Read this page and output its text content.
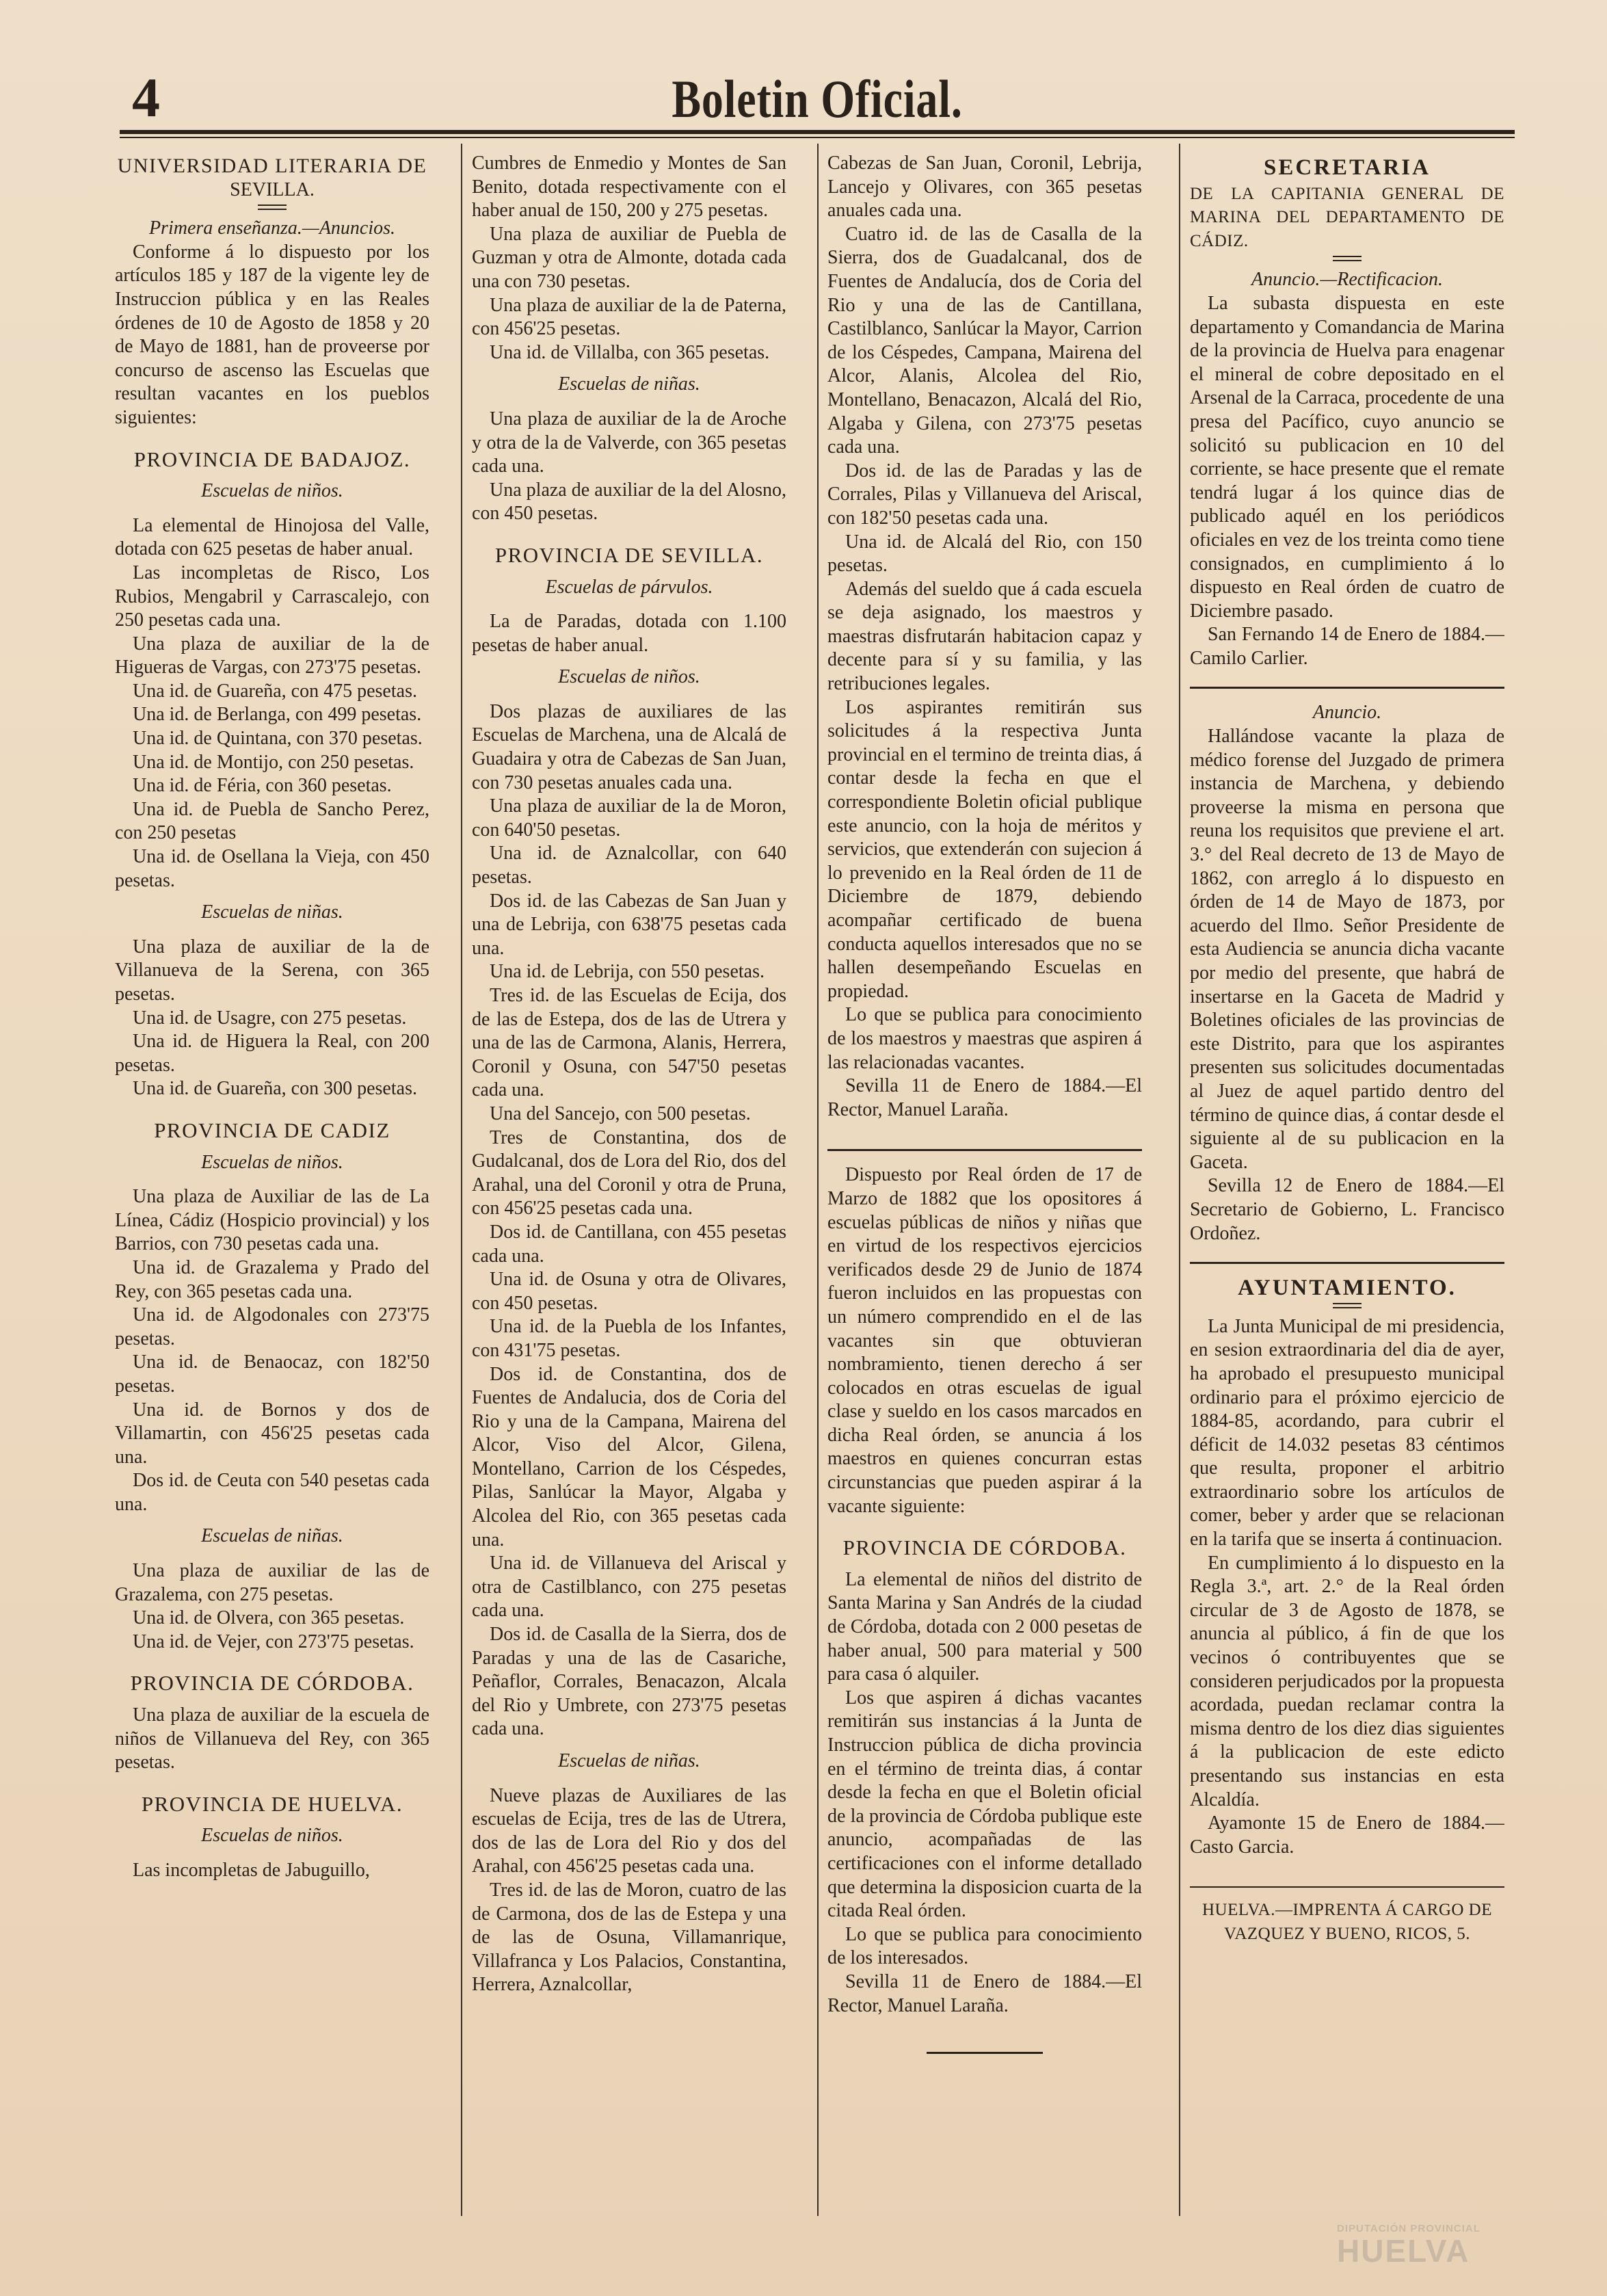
4	Boletin Oficial.
UNIVERSIDAD LITERARIA DE
SEVILLA.

Primera enseñanza.—Anuncios.

Conforme á lo dispuesto por los artículos 185 y 187 de la vigente ley de Instruccion pública y en las Reales órdenes de 10 de Agosto de 1858 y 20 de Mayo de 1881, han de proveerse por concurso de ascenso las Escuelas que resultan vacantes en los pueblos siguientes:

PROVINCIA DE BADAJOZ.
Escuelas de niños.

La elemental de Hinojosa del Valle, dotada con 625 pesetas de haber anual.

Las incompletas de Risco, Los Rubios, Mengabril y Carrascalejo, con 250 pesetas cada una.

Una plaza de auxiliar de la de Higueras de Vargas, con 273'75 pesetas.

Una id. de Guareña, con 475 pesetas.

Una id. de Berlanga, con 499 pesetas.

Una id. de Quintana, con 370 pesetas.

Una id. de Montijo, con 250 pesetas.

Una id. de Féria, con 360 pesetas.

Una id. de Puebla de Sancho Perez, con 250 pesetas

Una id. de Osellana la Vieja, con 450 pesetas.

Escuelas de niñas.

Una plaza de auxiliar de la de Villanueva de la Serena, con 365 pesetas.

Una id. de Usagre, con 275 pesetas.

Una id. de Higuera la Real, con 200 pesetas.

Una id. de Guareña, con 300 pesetas.

PROVINCIA DE CADIZ
Escuelas de niños.

Una plaza de Auxiliar de las de La Línea, Cádiz (Hospicio provincial) y los Barrios, con 730 pesetas cada una.

Una id. de Grazalema y Prado del Rey, con 365 pesetas cada una.

Una id. de Algodonales con 273'75 pesetas.

Una id. de Benaocaz, con 182'50 pesetas.

Una id. de Bornos y dos de Villamartin, con 456'25 pesetas cada una.

Dos id. de Ceuta con 540 pesetas cada una.

Escuelas de niñas.

Una plaza de auxiliar de las de Grazalema, con 275 pesetas.

Una id. de Olvera, con 365 pesetas.

Una id. de Vejer, con 273'75 pesetas.

PROVINCIA DE CÓRDOBA.

Una plaza de auxiliar de la escuela de niños de Villanueva del Rey, con 365 pesetas.

PROVINCIA DE HUELVA.
Escuelas de niños.

Las incompletas de Jabuguillo,

Cumbres de Enmedio y Montes de San Benito, dotada respectivamente con el haber anual de 150, 200 y 275 pesetas.

Una plaza de auxiliar de Puebla de Guzman y otra de Almonte, dotada cada una con 730 pesetas.

Una plaza de auxiliar de la de Paterna, con 456'25 pesetas.

Una id. de Villalba, con 365 pesetas.

Escuelas de niñas.

Una plaza de auxiliar de la de Aroche y otra de la de Valverde, con 365 pesetas cada una.

Una plaza de auxiliar de la del Alosno, con 450 pesetas.

PROVINCIA DE SEVILLA.
Escuelas de párvulos.

La de Paradas, dotada con 1.100 pesetas de haber anual.

Escuelas de niños.

Dos plazas de auxiliares de las Escuelas de Marchena, una de Alcalá de Guadaira y otra de Cabezas de San Juan, con 730 pesetas anuales cada una.

Una plaza de auxiliar de la de Moron, con 640'50 pesetas.

Una id. de Aznalcollar, con 640 pesetas.

Dos id. de las Cabezas de San Juan y una de Lebrija, con 638'75 pesetas cada una.

Una id. de Lebrija, con 550 pesetas.

Tres id. de las Escuelas de Ecija, dos de las de Estepa, dos de las de Utrera y una de las de Carmona, Alanis, Herrera, Coronil y Osuna, con 547'50 pesetas cada una.

Una del Sancejo, con 500 pesetas.

Tres de Constantina, dos de Gudalcanal, dos de Lora del Rio, dos del Arahal, una del Coronil y otra de Pruna, con 456'25 pesetas cada una.

Dos id. de Cantillana, con 455 pesetas cada una.

Una id. de Osuna y otra de Olivares, con 450 pesetas.

Una id. de la Puebla de los Infantes, con 431'75 pesetas.

Dos id. de Constantina, dos de Fuentes de Andalucia, dos de Coria del Rio y una de la Campana, Mairena del Alcor, Viso del Alcor, Gilena, Montellano, Carrion de los Céspedes, Pilas, Sanlúcar la Mayor, Algaba y Alcolea del Rio, con 365 pesetas cada una.

Una id. de Villanueva del Ariscal y otra de Castilblanco, con 275 pesetas cada una.

Dos id. de Casalla de la Sierra, dos de Paradas y una de las de Casariche, Peñaflor, Corrales, Benacazon, Alcala del Rio y Umbrete, con 273'75 pesetas cada una.

Escuelas de niñas.

Nueve plazas de Auxiliares de las escuelas de Ecija, tres de las de Utrera, dos de las de Lora del Rio y dos del Arahal, con 456'25 pesetas cada una.

Tres id. de las de Moron, cuatro de las de Carmona, dos de las de Estepa y una de las de Osuna, Villamanrique, Villafranca y Los Palacios, Constantina, Herrera, Aznalcollar,

Cabezas de San Juan, Coronil, Lebrija, Lancejo y Olivares, con 365 pesetas anuales cada una.

Cuatro id. de las de Casalla de la Sierra, dos de Guadalcanal, dos de Fuentes de Andalucía, dos de Coria del Rio y una de las de Cantillana, Castilblanco, Sanlúcar la Mayor, Carrion de los Céspedes, Campana, Mairena del Alcor, Alanis, Alcolea del Rio, Montellano, Benacazon, Alcalá del Rio, Algaba y Gilena, con 273'75 pesetas cada una.

Dos id. de las de Paradas y las de Corrales, Pilas y Villanueva del Ariscal, con 182'50 pesetas cada una.

Una id. de Alcalá del Rio, con 150 pesetas.

Además del sueldo que á cada escuela se deja asignado, los maestros y maestras disfrutarán habitacion capaz y decente para sí y su familia, y las retribuciones legales.

Los aspirantes remitirán sus solicitudes á la respectiva Junta provincial en el termino de treinta dias, á contar desde la fecha en que el correspondiente Boletin oficial publique este anuncio, con la hoja de méritos y servicios, que extenderán con sujecion á lo prevenido en la Real órden de 11 de Diciembre de 1879, debiendo acompañar certificado de buena conducta aquellos interesados que no se hallen desempeñando Escuelas en propiedad.

Lo que se publica para conocimiento de los maestros y maestras que aspiren á las relacionadas vacantes.

Sevilla 11 de Enero de 1884.—El Rector, Manuel Laraña.

Dispuesto por Real órden de 17 de Marzo de 1882 que los opositores á escuelas públicas de niños y niñas que en virtud de los respectivos ejercicios verificados desde 29 de Junio de 1874 fueron incluidos en las propuestas con un número comprendido en el de las vacantes sin que obtuvieran nombramiento, tienen derecho á ser colocados en otras escuelas de igual clase y sueldo en los casos marcados en dicha Real órden, se anuncia á los maestros en quienes concurran estas circunstancias que pueden aspirar á la vacante siguiente:

PROVINCIA DE CÓRDOBA.

La elemental de niños del distrito de Santa Marina y San Andrés de la ciudad de Córdoba, dotada con 2 000 pesetas de haber anual, 500 para material y 500 para casa ó alquiler.

Los que aspiren á dichas vacantes remitirán sus instancias á la Junta de Instruccion pública de dicha provincia en el término de treinta dias, á contar desde la fecha en que el Boletin oficial de la provincia de Córdoba publique este anuncio, acompañadas de las certificaciones con el informe detallado que determina la disposicion cuarta de la citada Real órden.

Lo que se publica para conocimiento de los interesados.

Sevilla 11 de Enero de 1884.—El Rector, Manuel Laraña.

SECRETARIA
DE LA CAPITANIA GENERAL DE MARINA DEL DEPARTAMENTO DE CÁDIZ.

Anuncio.—Rectificacion.

La subasta dispuesta en este departamento y Comandancia de Marina de la provincia de Huelva para enagenar el mineral de cobre depositado en el Arsenal de la Carraca, procedente de una presa del Pacífico, cuyo anuncio se solicitó su publicacion en 10 del corriente, se hace presente que el remate tendrá lugar á los quince dias de publicado aquél en los periódicos oficiales en vez de los treinta como tiene consignados, en cumplimiento á lo dispuesto en Real órden de cuatro de Diciembre pasado.

San Fernando 14 de Enero de 1884.—Camilo Carlier.

Anuncio.

Hallándose vacante la plaza de médico forense del Juzgado de primera instancia de Marchena, y debiendo proveerse la misma en persona que reuna los requisitos que previene el art. 3.° del Real decreto de 13 de Mayo de 1862, con arreglo á lo dispuesto en órden de 14 de Mayo de 1873, por acuerdo del Ilmo. Señor Presidente de esta Audiencia se anuncia dicha vacante por medio del presente, que habrá de insertarse en la Gaceta de Madrid y Boletines oficiales de las provincias de este Distrito, para que los aspirantes presenten sus solicitudes documentadas al Juez de aquel partido dentro del término de quince dias, á contar desde el siguiente al de su publicacion en la Gaceta.

Sevilla 12 de Enero de 1884.—El Secretario de Gobierno, L. Francisco Ordoñez.

AYUNTAMIENTO.

La Junta Municipal de mi presidencia, en sesion extraordinaria del dia de ayer, ha aprobado el presupuesto municipal ordinario para el próximo ejercicio de 1884-85, acordando, para cubrir el déficit de 14.032 pesetas 83 céntimos que resulta, proponer el arbitrio extraordinario sobre los artículos de comer, beber y arder que se relacionan en la tarifa que se inserta á continuacion.

En cumplimiento á lo dispuesto en la Regla 3.ª, art. 2.° de la Real órden circular de 3 de Agosto de 1878, se anuncia al público, á fin de que los vecinos ó contribuyentes que se consideren perjudicados por la propuesta acordada, puedan reclamar contra la misma dentro de los diez dias siguientes á la publicacion de este edicto presentando sus instancias en esta Alcaldía.

Ayamonte 15 de Enero de 1884.—Casto Garcia.

HUELVA.—IMPRENTA Á CARGO DE VAZQUEZ Y BUENO, RICOS, 5.
DIPUTACIÓN PROVINCIAL
HUELVA
